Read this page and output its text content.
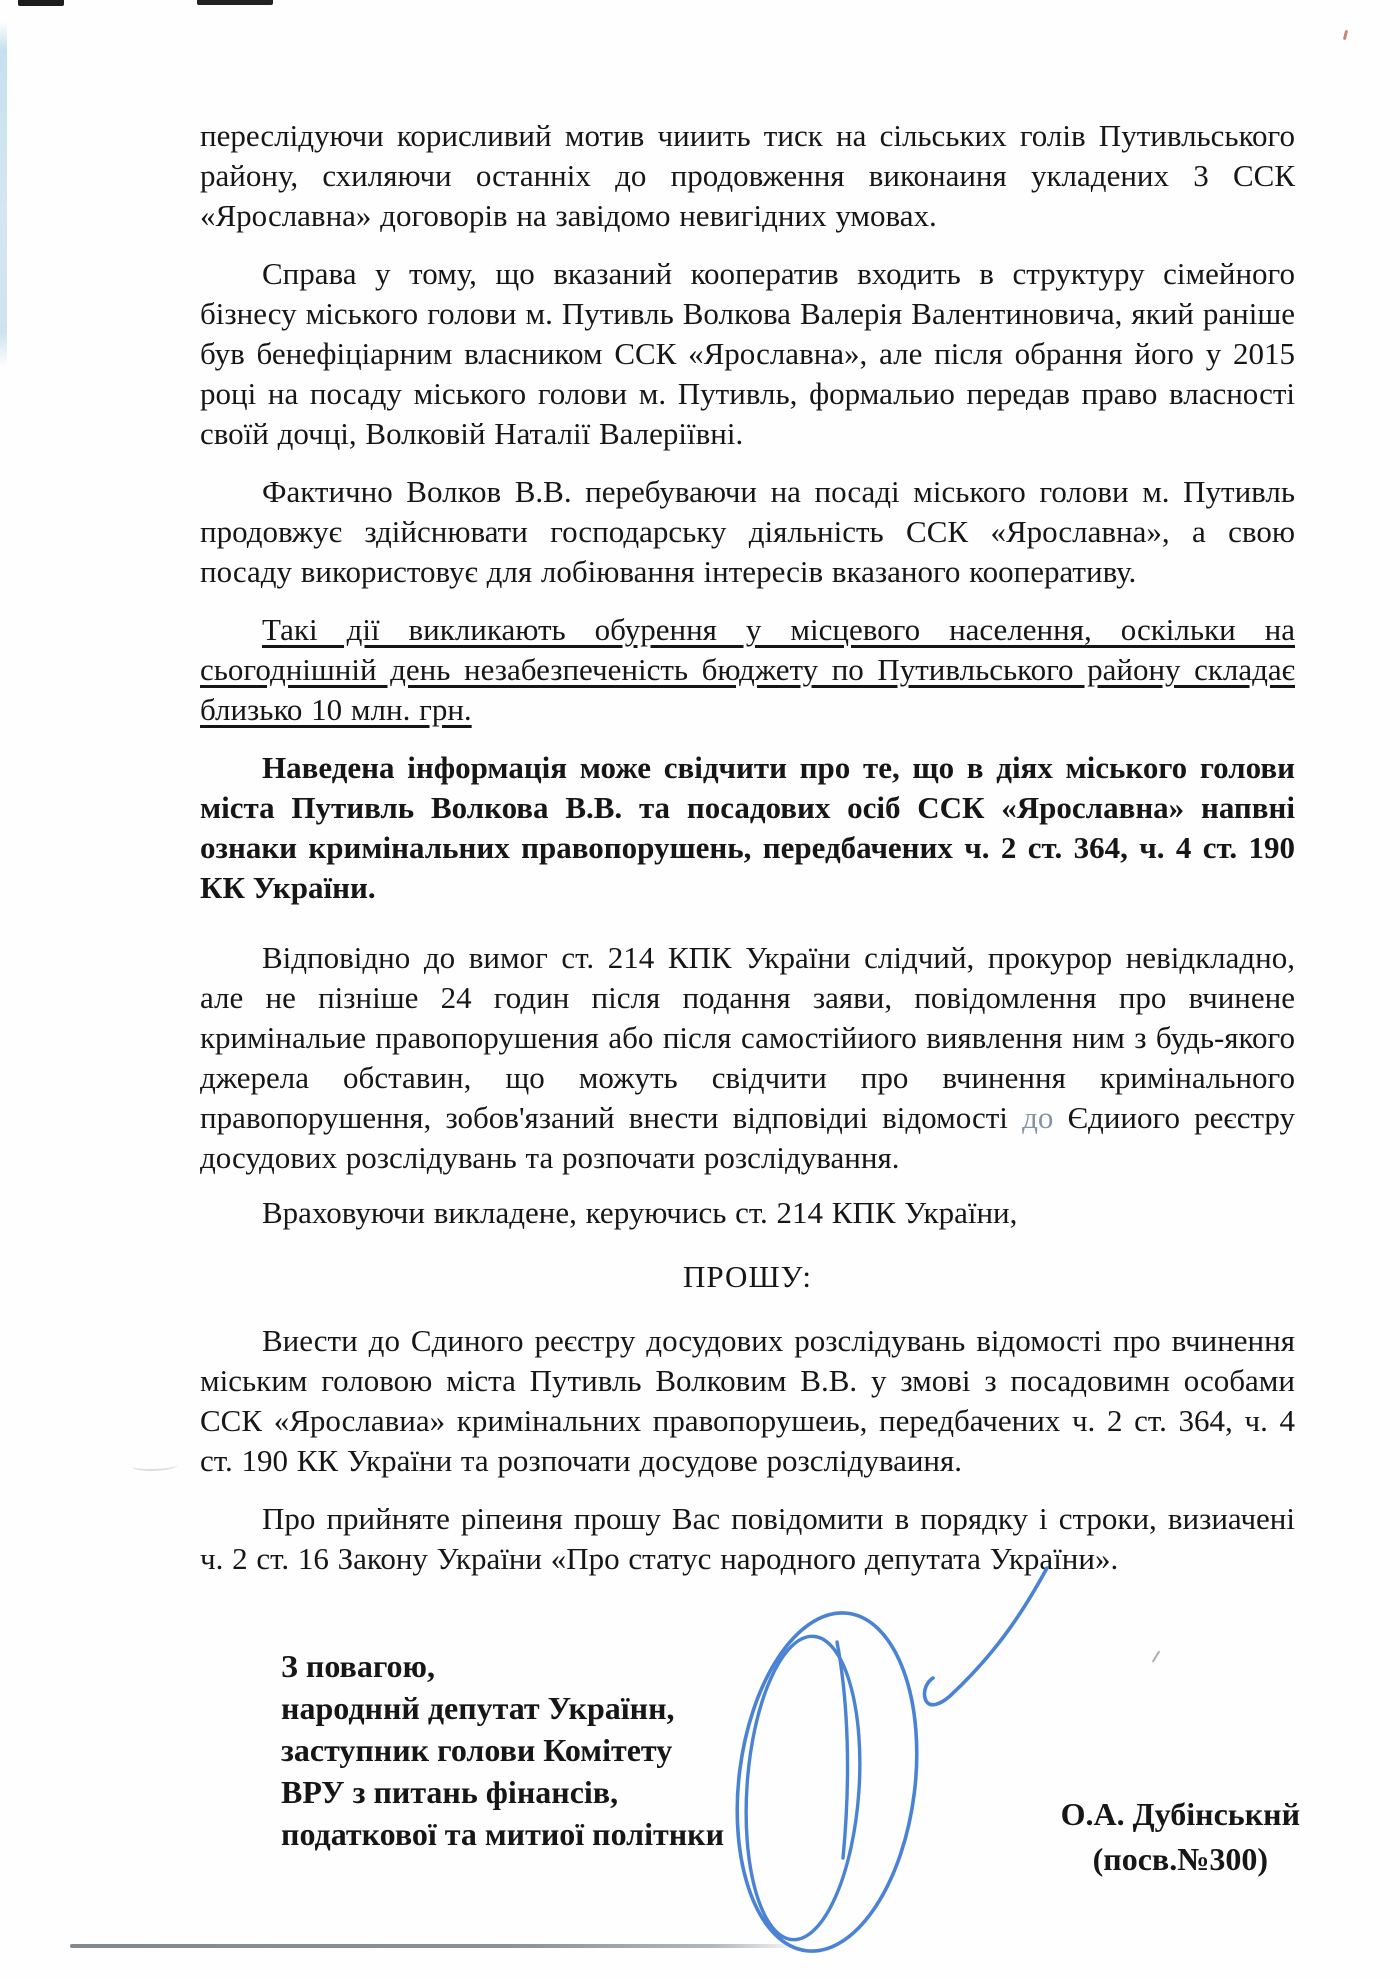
переслідуючи корисливий мотив чииить тиск на сільських голів Путивльського району, схиляючи останніх до продовження виконаиня укладених 3 ССК «Ярославна» договорів на завідомо невигідних умовах.

Справа у тому, що вказаний кооператив входить в структуру сімейного бізнесу міського голови м. Путивль Волкова Валерія Валентиновича, який раніше був бенефіціарним власником ССК «Ярославна», але після обрання його у 2015 році на посаду міського голови м. Путивль, формальио передав право власності своїй дочці, Волковій Наталії Валеріївні.

Фактично Волков В.В. перебуваючи на посаді міського голови м. Путивль продовжує здійснювати господарську діяльність ССК «Ярославна», а свою посаду використовує для лобіювання інтересів вказаного кооперативу.

Такі дії викликають обурення у місцевого населення, оскільки на сьогоднішній день незабезпеченість бюджету по Путивльського району складає близько 10 млн. грн.

Наведена інформація може свідчити про те, що в діях міського голови міста Путивль Волкова В.В. та посадових осіб ССК «Ярославна» напвні ознаки кримінальних правопорушень, передбачених ч. 2 ст. 364, ч. 4 ст. 190 КК України.

Відповідно до вимог ст. 214 КПК України слідчий, прокурор невідкладно, але не пізніше 24 годин після подання заяви, повідомлення про вчинене кримінальие правопорушения або після самостійиого виявлення ним з будь-якого джерела обставин, що можуть свідчити про вчинення кримінального правопорушення, зобов'язаний внести відповідиі відомості до Єдииого реєстру досудових розслідувань та розпочати розслідування.

Враховуючи викладене, керуючись ст. 214 КПК України,

ПРОШУ:

Виести до Сдиного реєстру досудових розслідувань відомості про вчинення міським головою міста Путивль Волковим В.В. у змові з посадовимн особами ССК «Ярославиа» кримінальних правопорушеиь, передбачених ч. 2 ст. 364, ч. 4 ст. 190 КК України та розпочати досудове розслідуваиня.

Про прийняте ріпеиня прошу Вас повідомити в порядку і строки, визиачені ч. 2 ст. 16 Закону України «Про статус народного депутата України».

З повагою,
народннй депутат Українн,
заступник голови Комітету
ВРУ з питань фінансів,
податкової та митиої політнки
О.А. Дубінськнй
(посв.№300)
